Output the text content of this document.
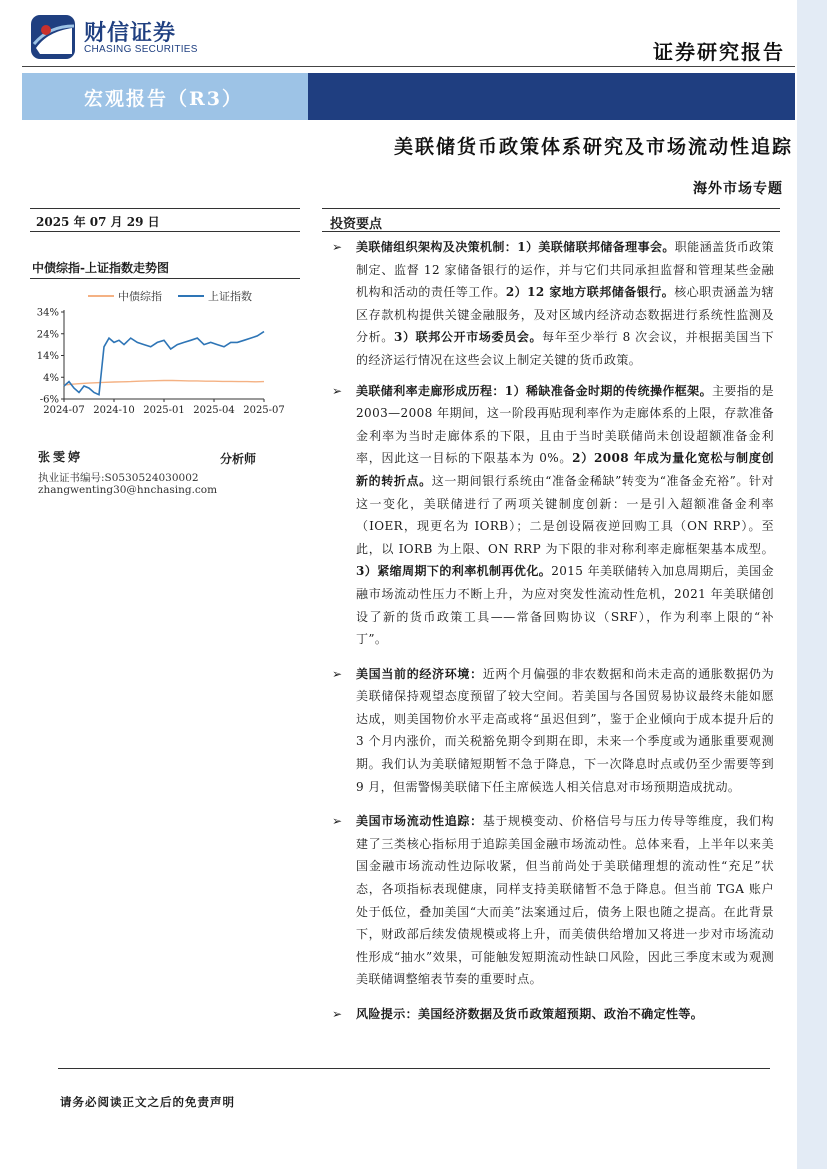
财信证券
CHASING SECURITIES	证券研究报告
宏观报告（R3）
美联储货币政策体系研究及市场流动性追踪
海外市场专题
2025 年 07 月 29 日
中债综指-上证指数走势图
34%
24%
14%
4%
-6%
2024-07 2024-10 2025-01 2025-04 2025-07
中债综指	上证指数
张雯婷	分析师
执业证书编号:S0530524030002
zhangwenting30@hnchasing.com
投资要点
➢ 美联储组织架构及决策机制：1）美联储联邦储备理事会。职能涵盖货币政策制定、监督 12 家储备银行的运作，并与它们共同承担监督和管理某些金融机构和活动的责任等工作。2）12 家地方联邦储备银行。核心职责涵盖为辖区存款机构提供关键金融服务，及对区域内经济动态数据进行系统性监测及分析。3）联邦公开市场委员会。每年至少举行 8 次会议，并根据美国当下的经济运行情况在这些会议上制定关键的货币政策。
➢ 美联储利率走廊形成历程：1）稀缺准备金时期的传统操作框架。主要指的是 2003—2008 年期间，这一阶段再贴现利率作为走廊体系的上限，存款准备金利率为当时走廊体系的下限，且由于当时美联储尚未创设超额准备金利率，因此这一目标的下限基本为 0%。2）2008 年成为量化宽松与制度创新的转折点。这一期间银行系统由“准备金稀缺”转变为“准备金充裕”。针对这一变化，美联储进行了两项关键制度创新：一是引入超额准备金利率（IOER，现更名为 IORB）；二是创设隔夜逆回购工具（ON RRP）。至此，以 IORB 为上限、ON RRP 为下限的非对称利率走廊框架基本成型。3）紧缩周期下的利率机制再优化。2015 年美联储转入加息周期后，美国金融市场流动性压力不断上升，为应对突发性流动性危机，2021 年美联储创设了新的货币政策工具——常备回购协议（SRF），作为利率上限的“补丁”。
➢ 美国当前的经济环境：近两个月偏强的非农数据和尚未走高的通胀数据仍为美联储保持观望态度预留了较大空间。若美国与各国贸易协议最终未能如愿达成，则美国物价水平走高或将“虽迟但到”，鉴于企业倾向于成本提升后的 3 个月内涨价，而关税豁免期令到期在即，未来一个季度或为通胀重要观测期。我们认为美联储短期暂不急于降息，下一次降息时点或仍至少需要等到 9 月，但需警惕美联储下任主席候选人相关信息对市场预期造成扰动。
➢ 美国市场流动性追踪：基于规模变动、价格信号与压力传导等维度，我们构建了三类核心指标用于追踪美国金融市场流动性。总体来看，上半年以来美国金融市场流动性边际收紧，但当前尚处于美联储理想的流动性“充足”状态，各项指标表现健康，同样支持美联储暂不急于降息。但当前 TGA 账户处于低位，叠加美国“大而美”法案通过后，债务上限也随之提高。在此背景下，财政部后续发债规模或将上升，而美债供给增加又将进一步对市场流动性形成“抽水”效果，可能触发短期流动性缺口风险，因此三季度末或为观测美联储调整缩表节奏的重要时点。
➢ 风险提示：美国经济数据及货币政策超预期、政治不确定性等。
请务必阅读正文之后的免责声明
